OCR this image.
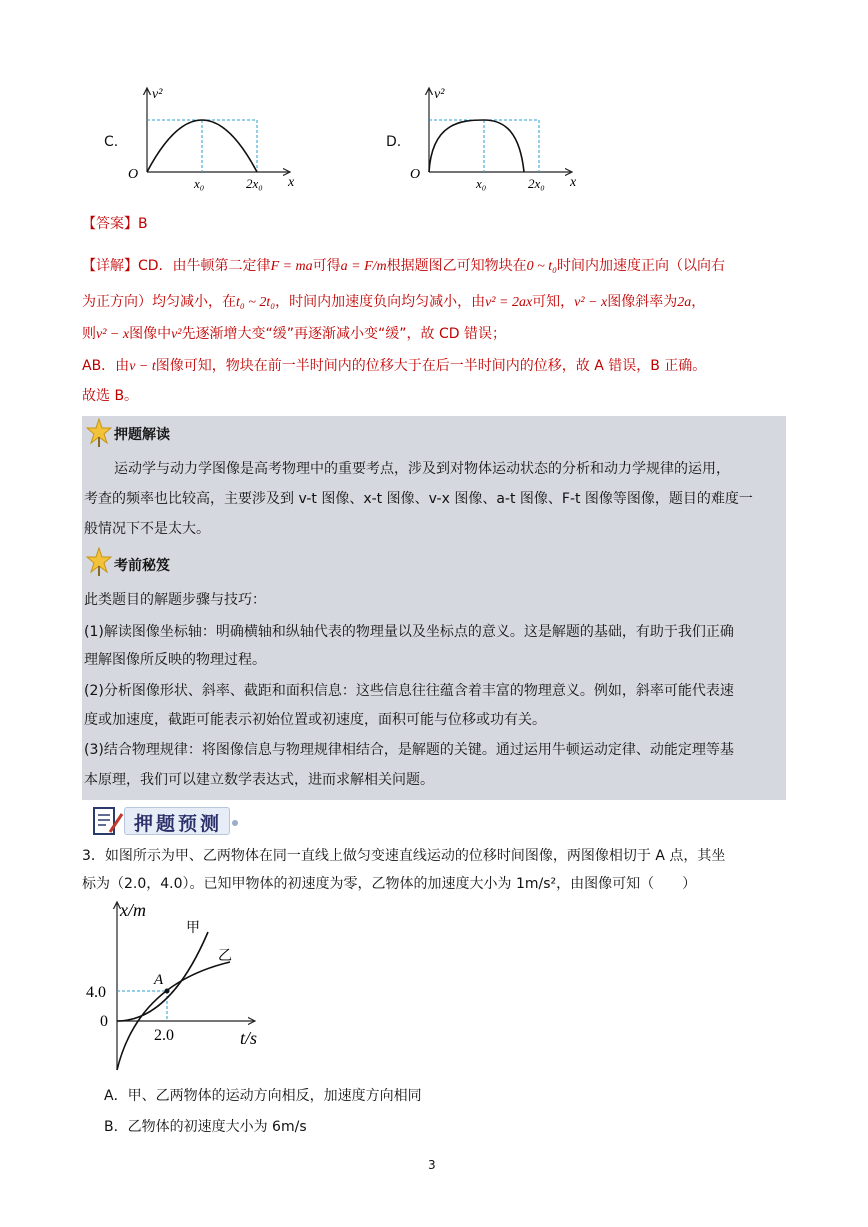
C.
v²
O
x₀	2x₀ x
D.
v²
O
x₀	2x₀ x
【答案】B
【详解】CD．由牛顿第二定律F = ma可得a = F/m根据题图乙可知物块在0 ~ t₀时间内加速度正向（以向右
为正方向）均匀减小，在t₀ ~ 2t₀，时间内加速度负向均匀减小，由v² = 2ax可知，v² − x图像斜率为2a，
则v² − x图像中v²先逐渐增大变“缓”再逐渐减小变“缓”，故 CD 错误；
AB．由v − t图像可知，物块在前一半时间内的位移大于在后一半时间内的位移，故 A 错误，B 正确。
故选 B。
押题解读
运动学与动力学图像是高考物理中的重要考点，涉及到对物体运动状态的分析和动力学规律的运用，
考查的频率也比较高，主要涉及到 v-t 图像、x-t 图像、v-x 图像、a-t 图像、F-t 图像等图像，题目的难度一
般情况下不是太大。
考前秘笈
此类题目的解题步骤与技巧：
(1)解读图像坐标轴：明确横轴和纵轴代表的物理量以及坐标点的意义。这是解题的基础，有助于我们正确
理解图像所反映的物理过程。
(2)分析图像形状、斜率、截距和面积信息：这些信息往往蕴含着丰富的物理意义。例如，斜率可能代表速
度或加速度，截距可能表示初始位置或初速度，面积可能与位移或功有关。
(3)结合物理规律：将图像信息与物理规律相结合，是解题的关键。通过运用牛顿运动定律、动能定理等基
本原理，我们可以建立数学表达式，进而求解相关问题。
押题预测
3．如图所示为甲、乙两物体在同一直线上做匀变速直线运动的位移时间图像，两图像相切于 A 点，其坐
标为（2.0，4.0）。已知甲物体的初速度为零，乙物体的加速度大小为 1m/s²，由图像可知（　　）
x/m
甲
乙
A
4.0
0
2.0	t/s
A．甲、乙两物体的运动方向相反，加速度方向相同
B．乙物体的初速度大小为 6m/s
3
